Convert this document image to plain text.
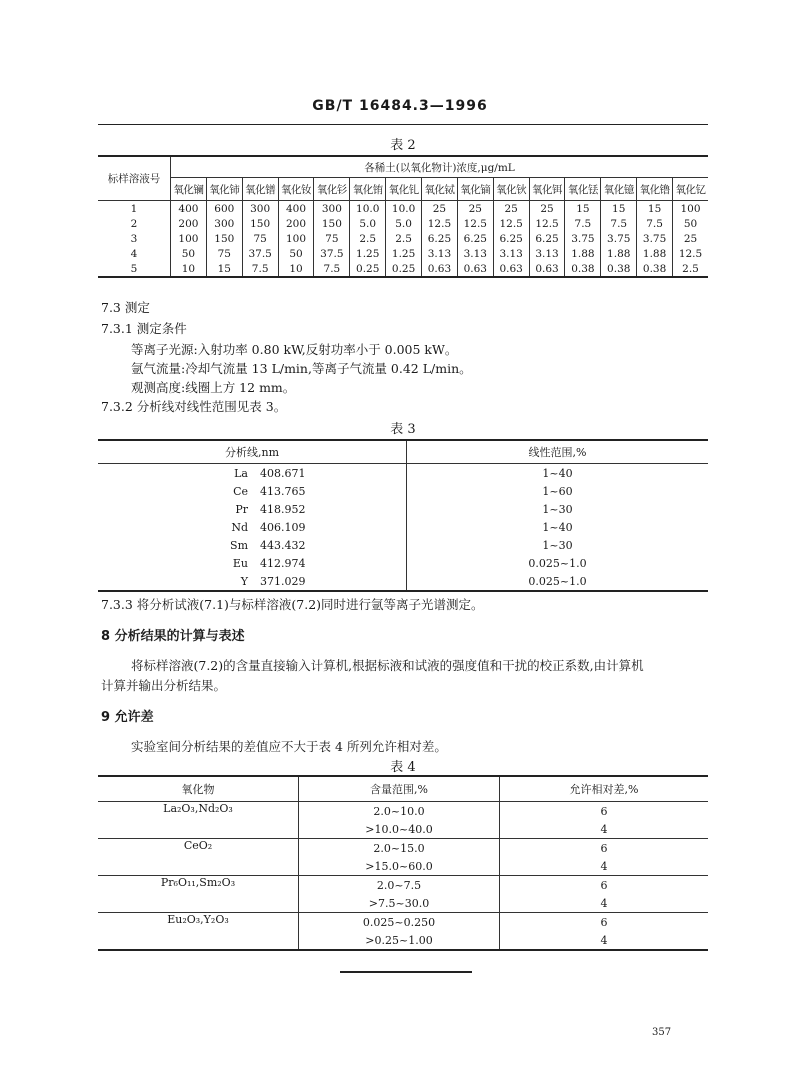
GB/T 16484.3—1996
表 2
标样溶液号	各稀土(以氧化物计)浓度,μg/mL														
	氧化镧	氧化铈	氧化镨	氧化钕	氧化钐	氧化铕	氧化钆	氧化铽	氧化镝	氧化钬	氧化铒	氧化铥	氧化镱	氧化镥	氧化钇
1	400	600	300	400	300	10.0	10.0	25	25	25	25	15	15	15	100
2	200	300	150	200	150	5.0	5.0	12.5	12.5	12.5	12.5	7.5	7.5	7.5	50
3	100	150	75	100	75	2.5	2.5	6.25	6.25	6.25	6.25	3.75	3.75	3.75	25
4	50	75	37.5	50	37.5	1.25	1.25	3.13	3.13	3.13	3.13	1.88	1.88	1.88	12.5
5	10	15	7.5	10	7.5	0.25	0.25	0.63	0.63	0.63	0.63	0.38	0.38	0.38	2.5
7.3 测定
7.3.1 测定条件
等离子光源:入射功率 0.80 kW,反射功率小于 0.005 kW。
氩气流量:冷却气流量 13 L/min,等离子气流量 0.42 L/min。
观测高度:线圈上方 12 mm。
7.3.2 分析线对线性范围见表 3。
表 3
分析线,nm	线性范围,%
La 408.671	1~40
Ce 413.765	1~60
Pr 418.952	1~30
Nd 406.109	1~40
Sm 443.432	1~30
Eu 412.974	0.025~1.0
Y 371.029	0.025~1.0
7.3.3 将分析试液(7.1)与标样溶液(7.2)同时进行氩等离子光谱测定。
8 分析结果的计算与表述
将标样溶液(7.2)的含量直接输入计算机,根据标液和试液的强度值和干扰的校正系数,由计算机
计算并输出分析结果。
9 允许差
实验室间分析结果的差值应不大于表 4 所列允许相对差。
表 4
氧化物	含量范围,%	允许相对差,%
La₂O₃,Nd₂O₃	2.0~10.0	6
	>10.0~40.0	4
CeO₂	2.0~15.0	6
	>15.0~60.0	4
Pr₆O₁₁,Sm₂O₃	2.0~7.5	6
	>7.5~30.0	4
Eu₂O₃,Y₂O₃	0.025~0.250	6
	>0.25~1.00	4
357
